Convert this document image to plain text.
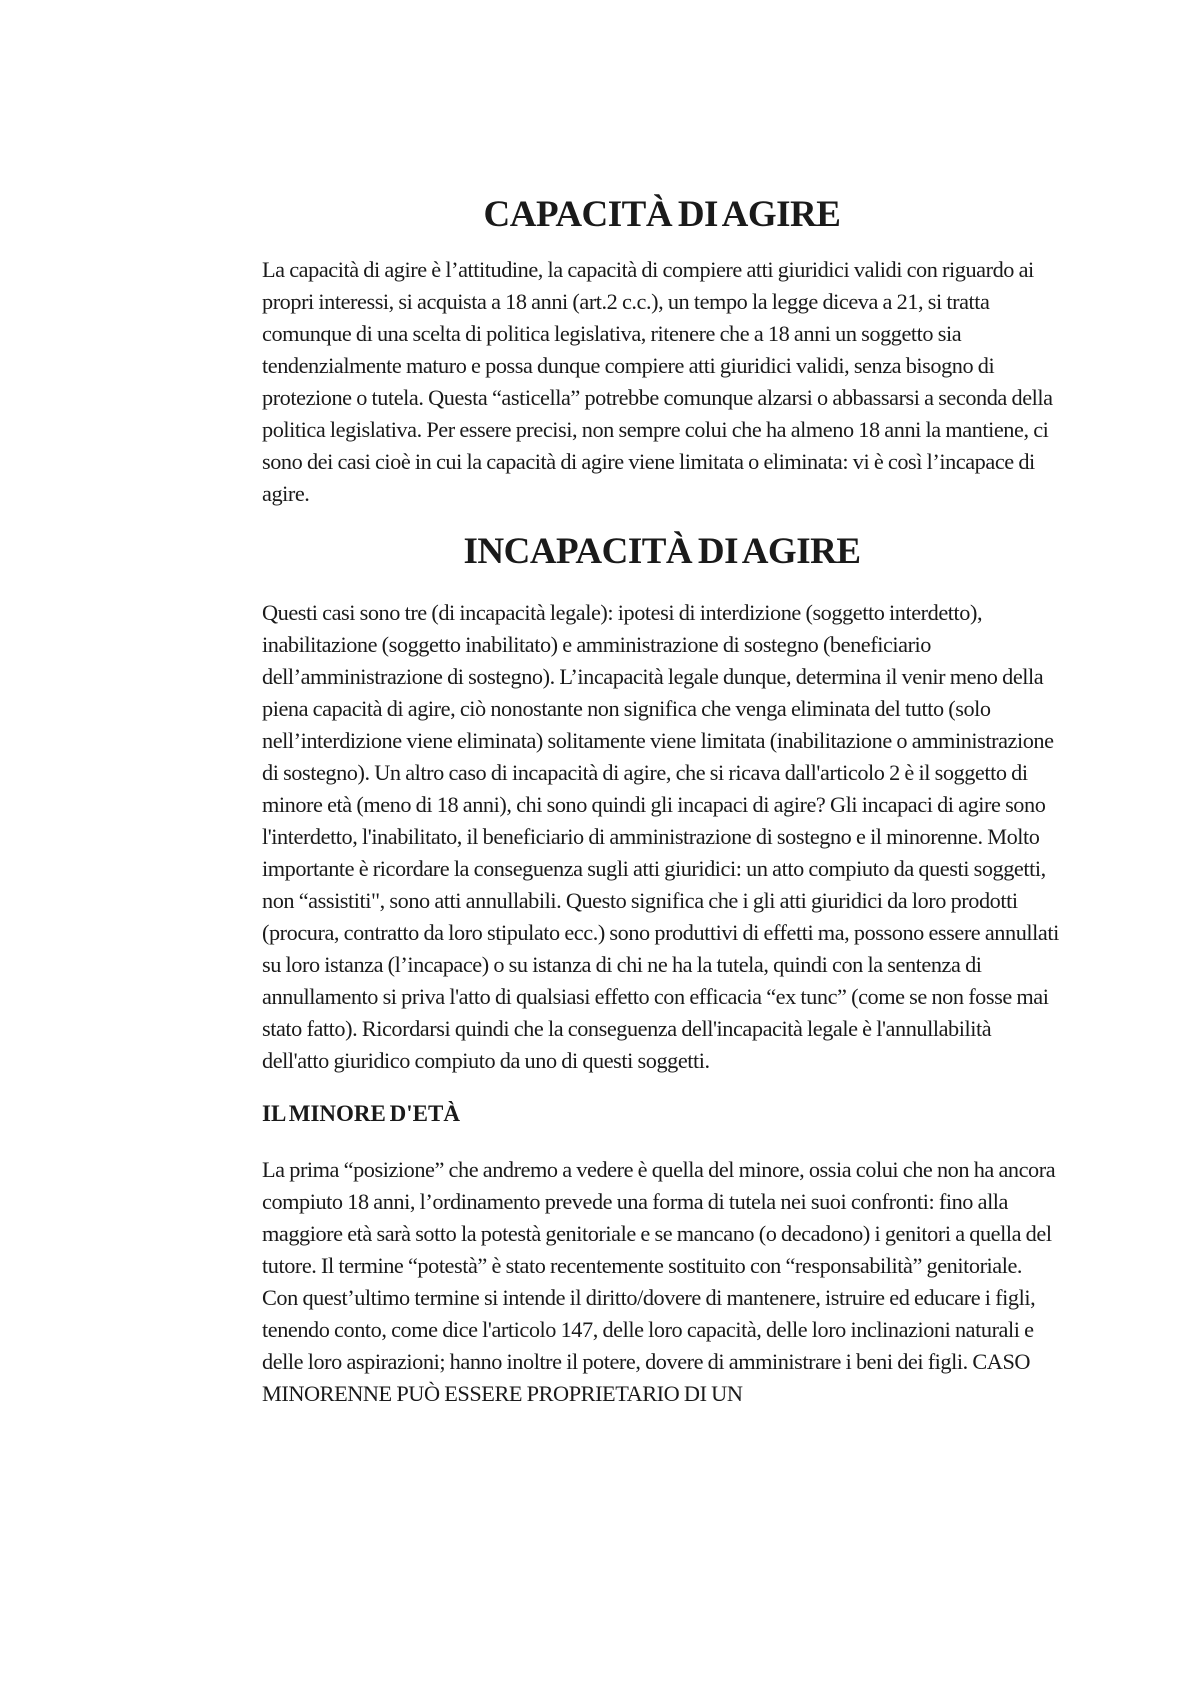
CAPACITÀ DI AGIRE

La capacità di agire è l’attitudine, la capacità di compiere atti giuridici validi con riguardo ai propri interessi, si acquista a 18 anni (art.2 c.c.), un tempo la legge diceva a 21, si tratta comunque di una scelta di politica legislativa, ritenere che a 18 anni un soggetto sia tendenzialmente maturo e possa dunque compiere atti giuridici validi, senza bisogno di protezione o tutela. Questa “asticella” potrebbe comunque alzarsi o abbassarsi a seconda della politica legislativa. Per essere precisi, non sempre colui che ha almeno 18 anni la mantiene, ci sono dei casi cioè in cui la capacità di agire viene limitata o eliminata: vi è così l’incapace di agire.

INCAPACITÀ DI AGIRE

Questi casi sono tre (di incapacità legale): ipotesi di interdizione (soggetto interdetto), inabilitazione (soggetto inabilitato) e amministrazione di sostegno (beneficiario dell’amministrazione di sostegno). L’incapacità legale dunque, determina il venir meno della piena capacità di agire, ciò nonostante non significa che venga eliminata del tutto (solo nell’interdizione viene eliminata) solitamente viene limitata (inabilitazione o amministrazione di sostegno). Un altro caso di incapacità di agire, che si ricava dall'articolo 2 è il soggetto di minore età (meno di 18 anni), chi sono quindi gli incapaci di agire? Gli incapaci di agire sono l'interdetto, l'inabilitato, il beneficiario di amministrazione di sostegno e il minorenne. Molto importante è ricordare la conseguenza sugli atti giuridici: un atto compiuto da questi soggetti, non “assistiti", sono atti annullabili. Questo significa che i gli atti giuridici da loro prodotti (procura, contratto da loro stipulato ecc.) sono produttivi di effetti ma, possono essere annullati su loro istanza (l’incapace) o su istanza di chi ne ha la tutela, quindi con la sentenza di annullamento si priva l'atto di qualsiasi effetto con efficacia “ex tunc” (come se non fosse mai stato fatto). Ricordarsi quindi che la conseguenza dell'incapacità legale è l'annullabilità dell'atto giuridico compiuto da uno di questi soggetti.

IL MINORE D'ETÀ

La prima “posizione” che andremo a vedere è quella del minore, ossia colui che non ha ancora compiuto 18 anni, l’ordinamento prevede una forma di tutela nei suoi confronti: fino alla maggiore età sarà sotto la potestà genitoriale e se mancano (o decadono) i genitori a quella del tutore. Il termine “potestà” è stato recentemente sostituito con “responsabilità” genitoriale. Con quest’ultimo termine si intende il diritto/dovere di mantenere, istruire ed educare i figli, tenendo conto, come dice l'articolo 147, delle loro capacità, delle loro inclinazioni naturali e delle loro aspirazioni; hanno inoltre il potere, dovere di amministrare i beni dei figli. CASO MINORENNE PUÒ ESSERE PROPRIETARIO DI UN
